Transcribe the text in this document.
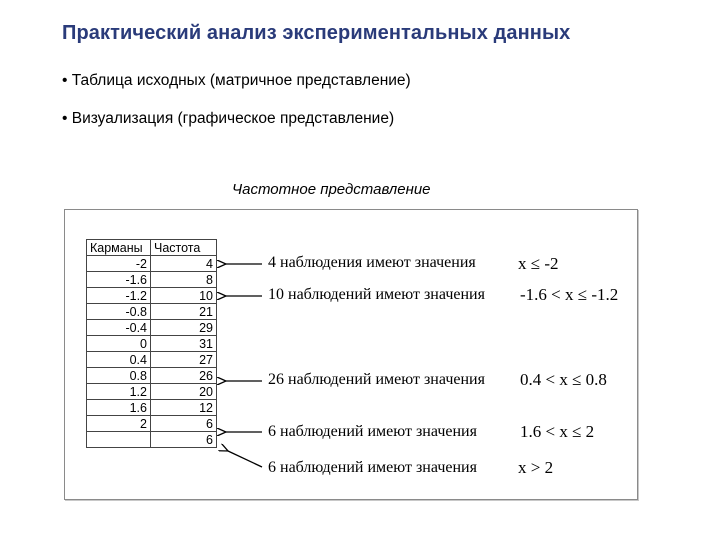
Практический анализ экспериментальных данных
• Таблица исходных (матричное представление)
• Визуализация (графическое представление)
Частотное представление
Карманы	Частота
-2	4
-1.6	8
-1.2	10
-0.8	21
-0.4	29
0	31
0.4	27
0.8	26
1.2	20
1.6	12
2	6
	6
4 наблюдения имеют значения x ≤ -2
10 наблюдений имеют значения -1.6 < x ≤ -1.2
26 наблюдений имеют значения 0.4 < x ≤ 0.8
6 наблюдений имеют значения	1.6 < x ≤ 2
6 наблюдений имеют значения x > 2
